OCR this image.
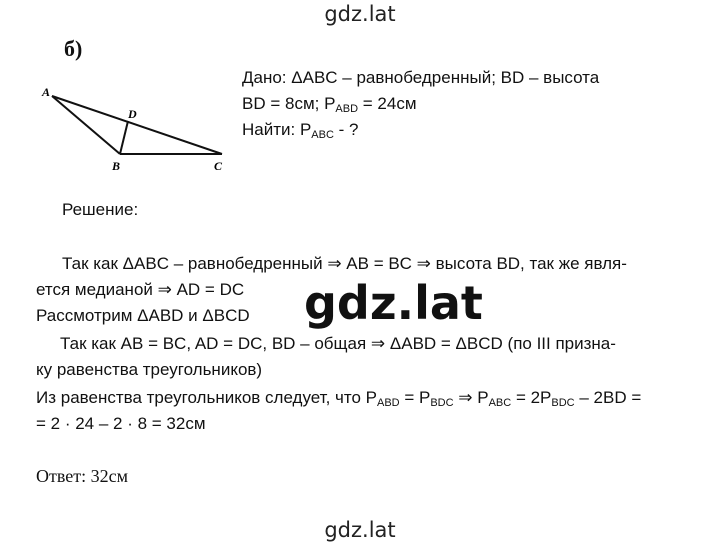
gdz.lat
б)
A
D
B	C
Дано: ΔABC – равнобедренный; BD – высота
BD = 8см; $P_{ABD} = 24см$
Найти: $P_{ABC}$ - ?
Решение:
Так как ΔABC – равнобедренный ⇒ AB = BC ⇒ высота BD, так же явля-
ется медианой ⇒ AD = DC
Рассмотрим ΔABD и ΔBCD
Так как AB = BC, AD = DC, BD – общая ⇒ ΔABD = ΔBCD (по III призна-
ку равенства треугольников)
Из равенства треугольников следует, что $P_{ABD} = P_{BDC}$ ⇒ $P_{ABC} = 2P_{BDC} - 2BD$ =
= 2 · 24 – 2 · 8 = 32см
Ответ: 32см
gdz.lat
gdz.lat
